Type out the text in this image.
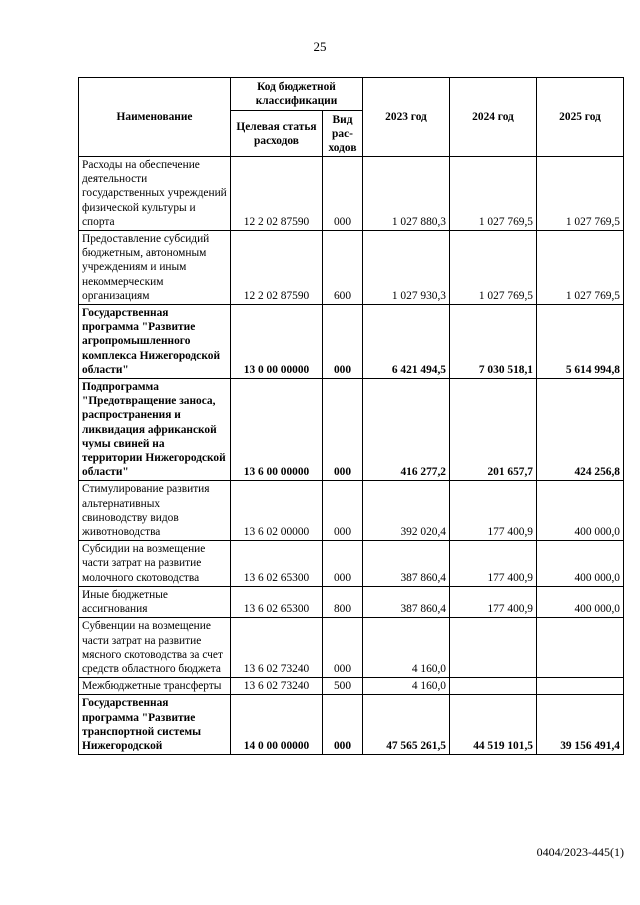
25
Наименование	Код бюджетной классификации		2023 год	2024 год	2025 год
	Целевая статья расходов	Вид рас-ходов			
Расходы на обеспечение деятельности государственных учреждений физической культуры и спорта	12 2 02 87590	000	1 027 880,3	1 027 769,5	1 027 769,5
Предоставление субсидий бюджетным, автономным учреждениям и иным некоммерческим организациям	12 2 02 87590	600	1 027 930,3	1 027 769,5	1 027 769,5
Государственная программа "Развитие агропромышленного комплекса Нижегородской области"	13 0 00 00000	000	6 421 494,5	7 030 518,1	5 614 994,8
Подпрограмма "Предотвращение заноса, распространения и ликвидация африканской чумы свиней на территории Нижегородской области"	13 6 00 00000	000	416 277,2	201 657,7	424 256,8
Стимулирование развития альтернативных свиноводству видов животноводства	13 6 02 00000	000	392 020,4	177 400,9	400 000,0
Субсидии на возмещение части затрат на развитие молочного скотоводства	13 6 02 65300	000	387 860,4	177 400,9	400 000,0
Иные бюджетные ассигнования	13 6 02 65300	800	387 860,4	177 400,9	400 000,0
Субвенции на возмещение части затрат на развитие мясного скотоводства за счет средств областного бюджета	13 6 02 73240	000	4 160,0		
Межбюджетные трансферты	13 6 02 73240	500	4 160,0		
Государственная программа "Развитие транспортной системы Нижегородской	14 0 00 00000	000	47 565 261,5	44 519 101,5	39 156 491,4
0404/2023-445(1)
